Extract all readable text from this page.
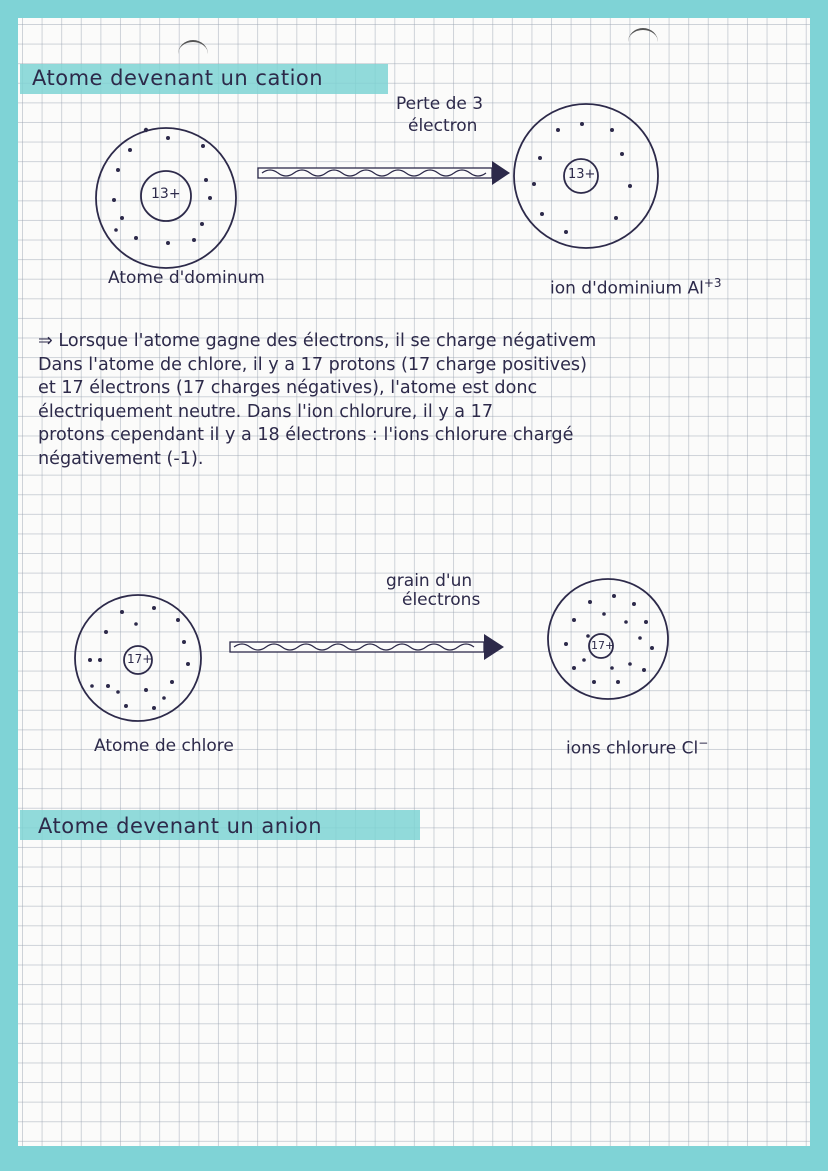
Atome devenant un cation
Atome devenant un anion
13+
13+
17+
17+
Perte de 3
électron
grain d'un
électrons
Atome d'dominum
ion d'dominium $Al^{+3}$
Atome de chlore	ions chlorure Cl−
⇒ Lorsque l'atome gagne des électrons, il se charge négativem
Dans l'atome de chlore, il y a 17 protons (17 charge positives)
et 17 électrons (17 charges négatives), l'atome est donc
électriquement neutre. Dans l'ion chlorure, il y a 17
protons cependant il y a 18 électrons : l'ions chlorure chargé
négativement (-1).
